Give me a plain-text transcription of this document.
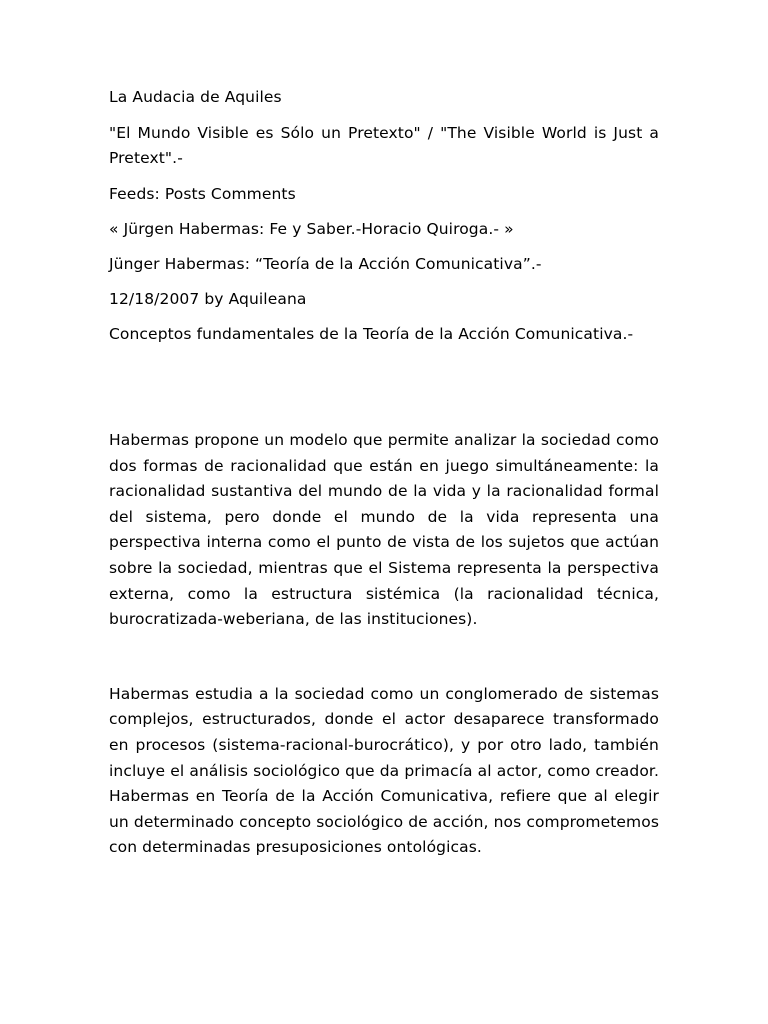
La Audacia de Aquiles

"El Mundo Visible es Sólo un Pretexto" / "The Visible World is Just a Pretext".-

Feeds: Posts Comments

« Jürgen Habermas: Fe y Saber.-Horacio Quiroga.- »

Jünger Habermas: “Teoría de la Acción Comunicativa”.-

12/18/2007 by Aquileana

Conceptos fundamentales de la Teoría de la Acción Comunicativa.-

Habermas propone un modelo que permite analizar la sociedad como dos formas de racionalidad que están en juego simultáneamente: la racionalidad sustantiva del mundo de la vida y la racionalidad formal del sistema, pero donde el mundo de la vida representa una perspectiva interna como el punto de vista de los sujetos que actúan sobre la sociedad, mientras que el Sistema representa la perspectiva externa, como la estructura sistémica (la racionalidad técnica, burocratizada-weberiana, de las instituciones).

Habermas estudia a la sociedad como un conglomerado de sistemas complejos, estructurados, donde el actor desaparece transformado en procesos (sistema-racional-burocrático), y por otro lado, también incluye el análisis sociológico que da primacía al actor, como creador. Habermas en Teoría de la Acción Comunicativa, refiere que al elegir un determinado concepto sociológico de acción, nos comprometemos con determinadas presuposiciones ontológicas.
